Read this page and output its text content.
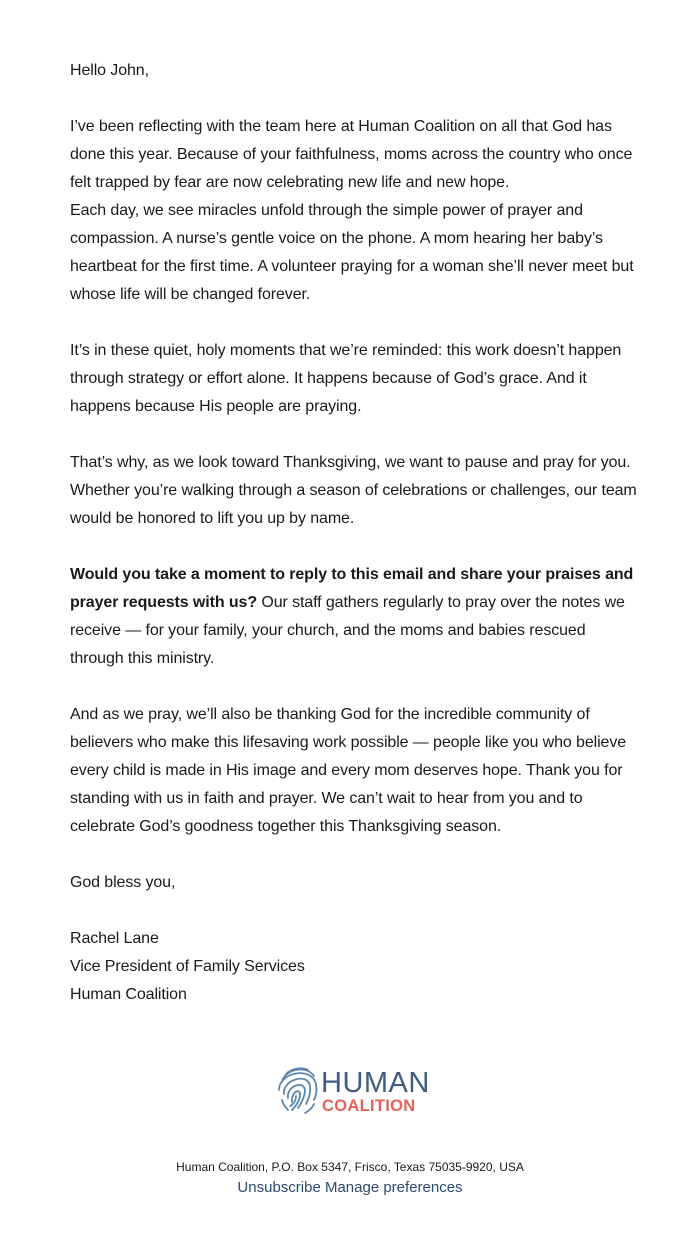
Hello John,

I’ve been reflecting with the team here at Human Coalition on all that God has done this year. Because of your faithfulness, moms across the country who once felt trapped by fear are now celebrating new life and new hope.

Each day, we see miracles unfold through the simple power of prayer and compassion. A nurse’s gentle voice on the phone. A mom hearing her baby’s heartbeat for the first time. A volunteer praying for a woman she’ll never meet but whose life will be changed forever.

It’s in these quiet, holy moments that we’re reminded: this work doesn’t happen through strategy or effort alone. It happens because of God’s grace. And it happens because His people are praying.

That’s why, as we look toward Thanksgiving, we want to pause and pray for you. Whether you’re walking through a season of celebrations or challenges, our team would be honored to lift you up by name.

Would you take a moment to reply to this email and share your praises and prayer requests with us? Our staff gathers regularly to pray over the notes we receive — for your family, your church, and the moms and babies rescued through this ministry.

And as we pray, we’ll also be thanking God for the incredible community of believers who make this lifesaving work possible — people like you who believe every child is made in His image and every mom deserves hope. Thank you for standing with us in faith and prayer. We can’t wait to hear from you and to celebrate God’s goodness together this Thanksgiving season.

God bless you,

Rachel Lane
Vice President of Family Services
Human Coalition
HUMAN
COALITION
Human Coalition, P.O. Box 5347, Frisco, Texas 75035-9920, USA
Unsubscribe Manage preferences
